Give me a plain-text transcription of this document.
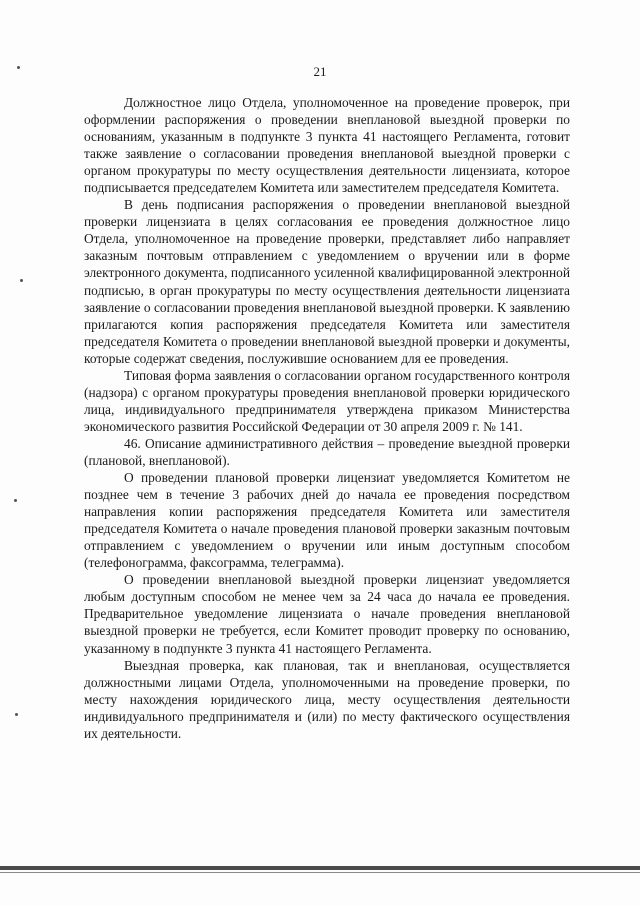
21

Должностное лицо Отдела, уполномоченное на проведение проверок, при оформлении распоряжения о проведении внеплановой выездной проверки по основаниям, указанным в подпункте 3 пункта 41 настоящего Регламента, готовит также заявление о согласовании проведения внеплановой выездной проверки с органом прокуратуры по месту осуществления деятельности лицензиата, которое подписывается председателем Комитета или заместителем председателя Комитета.

В день подписания распоряжения о проведении внеплановой выездной проверки лицензиата в целях согласования ее проведения должностное лицо Отдела, уполномоченное на проведение проверки, представляет либо направляет заказным почтовым отправлением с уведомлением о вручении или в форме электронного документа, подписанного усиленной квалифицированной электронной подписью, в орган прокуратуры по месту осуществления деятельности лицензиата заявление о согласовании проведения внеплановой выездной проверки. К заявлению прилагаются копия распоряжения председателя Комитета или заместителя председателя Комитета о проведении внеплановой выездной проверки и документы, которые содержат сведения, послужившие основанием для ее проведения.

Типовая форма заявления о согласовании органом государственного контроля (надзора) с органом прокуратуры проведения внеплановой проверки юридического лица, индивидуального предпринимателя утверждена приказом Министерства экономического развития Российской Федерации от 30 апреля 2009 г. № 141.

46. Описание административного действия – проведение выездной проверки (плановой, внеплановой).

О проведении плановой проверки лицензиат уведомляется Комитетом не позднее чем в течение 3 рабочих дней до начала ее проведения посредством направления копии распоряжения председателя Комитета или заместителя председателя Комитета о начале проведения плановой проверки заказным почтовым отправлением с уведомлением о вручении или иным доступным способом (телефонограмма, факсограмма, телеграмма).

О проведении внеплановой выездной проверки лицензиат уведомляется любым доступным способом не менее чем за 24 часа до начала ее проведения. Предварительное уведомление лицензиата о начале проведения внеплановой выездной проверки не требуется, если Комитет проводит проверку по основанию, указанному в подпункте 3 пункта 41 настоящего Регламента.

Выездная проверка, как плановая, так и внеплановая, осуществляется должностными лицами Отдела, уполномоченными на проведение проверки, по месту нахождения юридического лица, месту осуществления деятельности индивидуального предпринимателя и (или) по месту фактического осуществления их деятельности.
